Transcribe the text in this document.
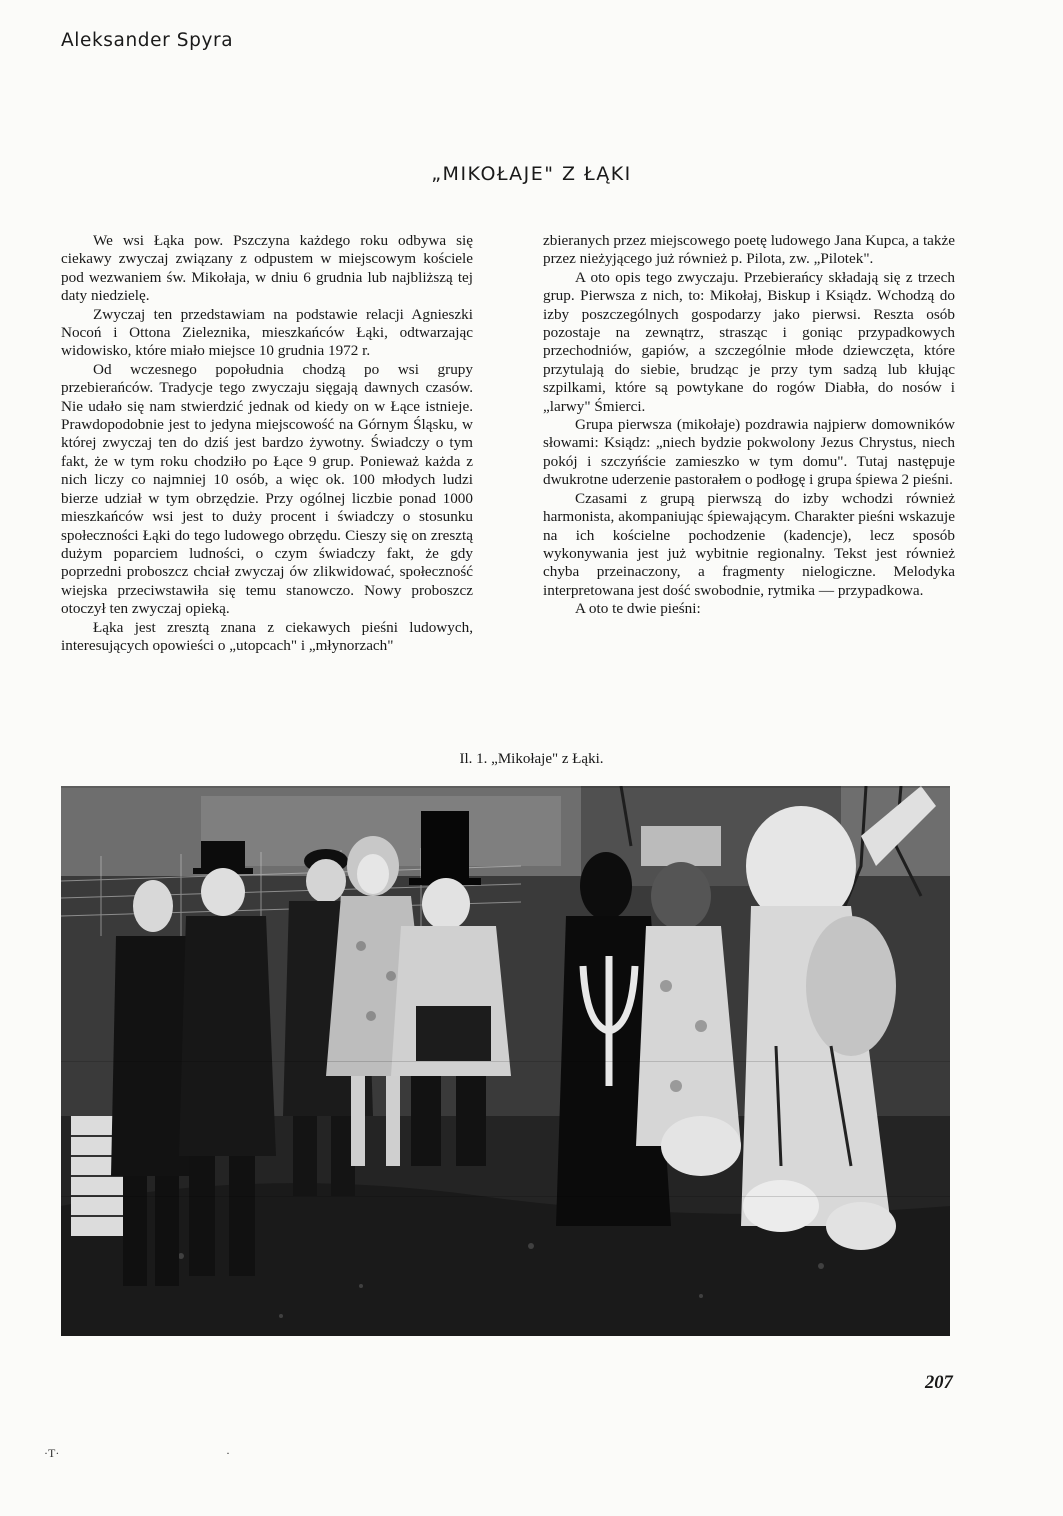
Aleksander Spyra
„MIKOŁAJE" Z ŁĄKI

We wsi Łąka pow. Pszczyna każdego roku odbywa się ciekawy zwyczaj związany z odpustem w miejscowym kościele pod wezwaniem św. Mikołaja, w dniu 6 grudnia lub najbliższą tej daty niedzielę.

Zwyczaj ten przedstawiam na podstawie relacji Agnieszki Nocoń i Ottona Zieleznika, mieszkańców Łąki, odtwarzając widowisko, które miało miejsce 10 grudnia 1972 r.

Od wczesnego popołudnia chodzą po wsi grupy przebierańców. Tradycje tego zwyczaju sięgają dawnych czasów. Nie udało się nam stwierdzić jednak od kiedy on w Łące istnieje. Prawdopodobnie jest to jedyna miejscowość na Górnym Śląsku, w której zwyczaj ten do dziś jest bardzo żywotny. Świadczy o tym fakt, że w tym roku chodziło po Łące 9 grup. Ponieważ każda z nich liczy co najmniej 10 osób, a więc ok. 100 młodych ludzi bierze udział w tym obrzędzie. Przy ogólnej liczbie ponad 1000 mieszkańców wsi jest to duży procent i świadczy o stosunku społeczności Łąki do tego ludowego obrzędu. Cieszy się on zresztą dużym poparciem ludności, o czym świadczy fakt, że gdy poprzedni proboszcz chciał zwyczaj ów zlikwidować, społeczność wiejska przeciwstawiła się temu stanowczo. Nowy proboszcz otoczył ten zwyczaj opieką.

Łąka jest zresztą znana z ciekawych pieśni ludowych, interesujących opowieści o „utopcach" i „młynorzach"

zbieranych przez miejscowego poetę ludowego Jana Kupca, a także przez nieżyjącego już również p. Pilota, zw. „Pilotek".

A oto opis tego zwyczaju. Przebierańcy składają się z trzech grup. Pierwsza z nich, to: Mikołaj, Biskup i Ksiądz. Wchodzą do izby poszczególnych gospodarzy jako pierwsi. Reszta osób pozostaje na zewnątrz, strasząc i goniąc przypadkowych przechodniów, gapiów, a szczególnie młode dziewczęta, które przytulają do siebie, brudząc je przy tym sadzą lub kłując szpilkami, które są powtykane do rogów Diabła, do nosów i „larwy" Śmierci.

Grupa pierwsza (mikołaje) pozdrawia najpierw domowników słowami: Ksiądz: „niech bydzie pokwolony Jezus Chrystus, niech pokój i szczyńście zamieszko w tym domu". Tutaj następuje dwukrotne uderzenie pastorałem o podłogę i grupa śpiewa 2 pieśni.

Czasami z grupą pierwszą do izby wchodzi również harmonista, akompaniując śpiewającym. Charakter pieśni wskazuje na ich kościelne pochodzenie (kadencje), lecz sposób wykonywania jest już wybitnie regionalny. Tekst jest również chyba przeinaczony, a fragmenty nielogiczne. Melodyka interpretowana jest dość swobodnie, rytmika — przypadkowa.

A oto te dwie pieśni:

Il. 1. „Mikołaje" z Łąki.
207
·T·	·
